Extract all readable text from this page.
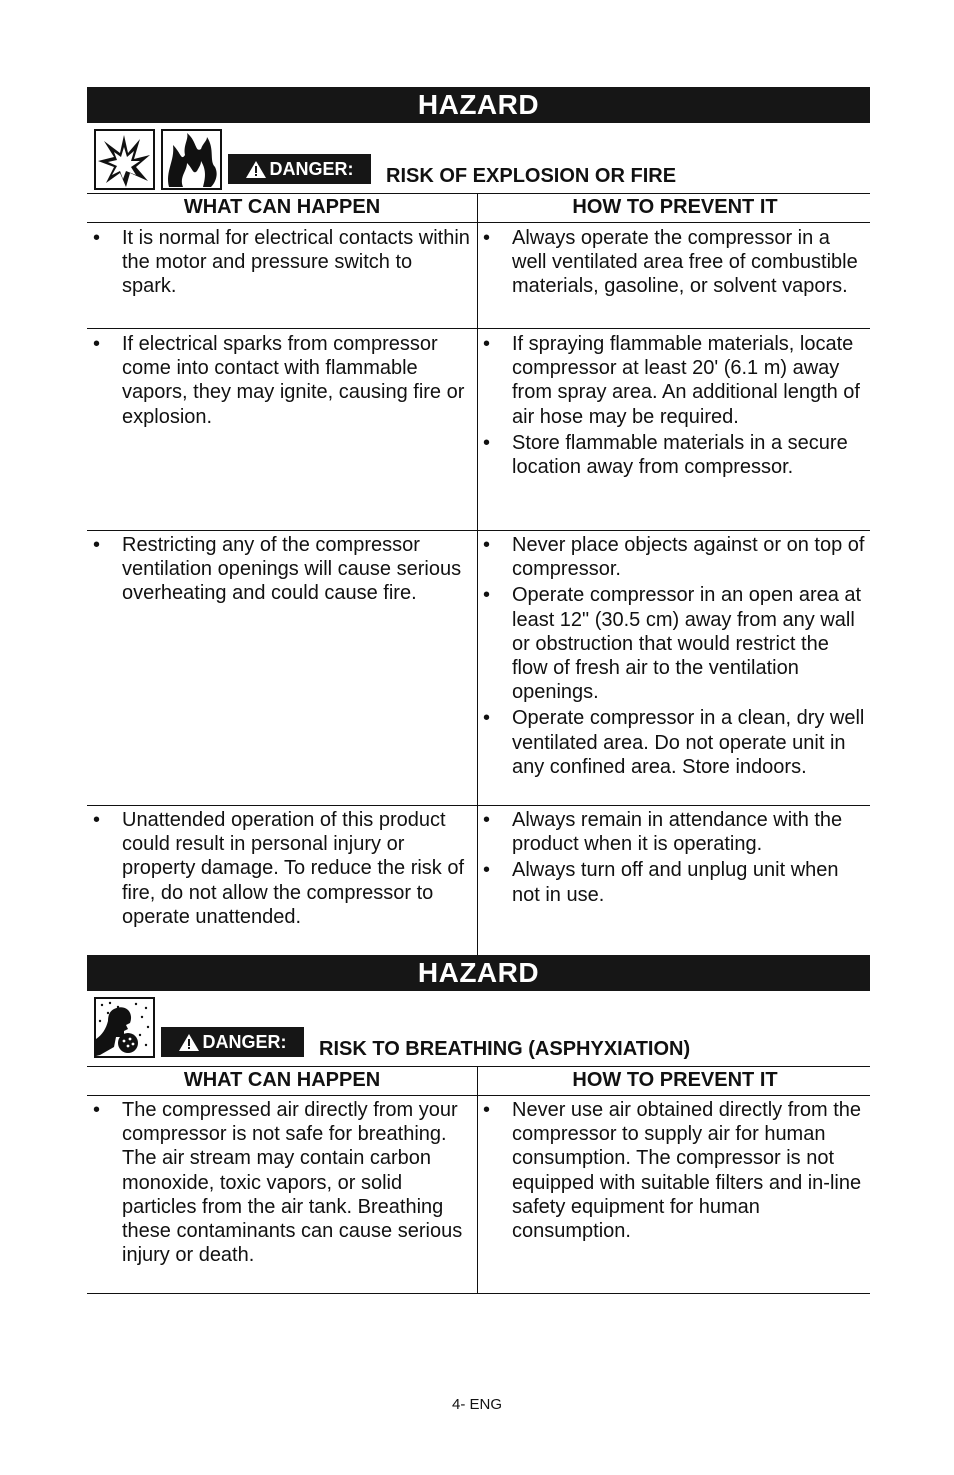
HAZARD
DANGER: RISK OF EXPLOSION OR FIRE
WHAT CAN HAPPEN	HOW TO PREVENT IT
• It is normal for electrical contacts within the motor and pressure switch to spark.
• Always operate the compressor in a well ventilated area free of combustible materials, gasoline, or solvent vapors.
• If electrical sparks from compressor come into contact with flammable vapors, they may ignite, causing fire or explosion.
• If spraying flammable materials, locate compressor at least 20' (6.1 m) away from spray area. An additional length of air hose may be required.
• Store flammable materials in a secure location away from compressor.
• Restricting any of the compressor ventilation openings will cause serious overheating and could cause fire.
• Never place objects against or on top of compressor.
• Operate compressor in an open area at least 12" (30.5 cm) away from any wall or obstruction that would restrict the flow of fresh air to the ventilation openings.
• Operate compressor in a clean, dry well ventilated area. Do not operate unit in any confined area. Store indoors.
• Unattended operation of this product could result in personal injury or property damage. To reduce the risk of fire, do not allow the compressor to operate unattended.
• Always remain in attendance with the product when it is operating.
• Always turn off and unplug unit when not in use.
HAZARD
DANGER: RISK TO BREATHING (ASPHYXIATION)
WHAT CAN HAPPEN	HOW TO PREVENT IT
• The compressed air directly from your compressor is not safe for breathing. The air stream may contain carbon monoxide, toxic vapors, or solid particles from the air tank. Breathing these contaminants can cause serious injury or death.
• Never use air obtained directly from the compressor to supply air for human consumption. The compressor is not equipped with suitable filters and in-line safety equipment for human consumption.
4- ENG
